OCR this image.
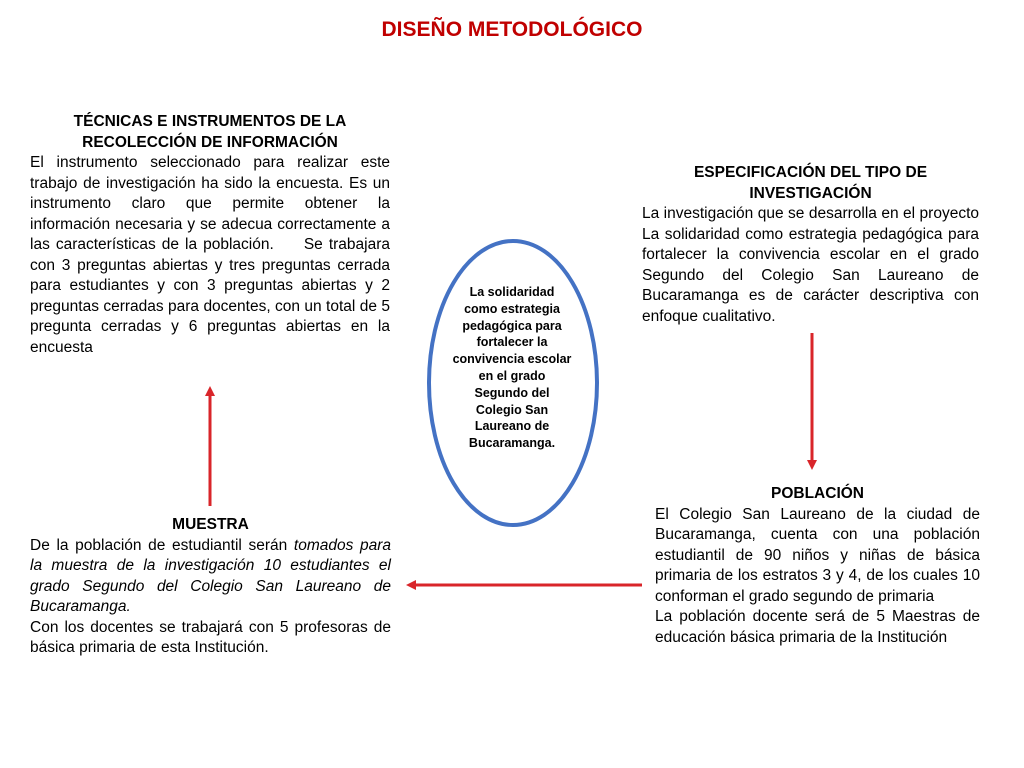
DISEÑO METODOLÓGICO
La solidaridad como estrategia pedagógica para fortalecer la convivencia escolar en el grado Segundo del Colegio San Laureano de Bucaramanga.
TÉCNICAS E INSTRUMENTOS DE LA RECOLECCIÓN DE INFORMACIÓN
El instrumento seleccionado para realizar este trabajo de investigación ha sido la encuesta. Es un instrumento claro que permite obtener la información necesaria y se adecua correctamente a las características de la población.     Se trabajara con 3 preguntas abiertas y tres preguntas cerrada para estudiantes y con 3 preguntas abiertas y 2 preguntas cerradas para docentes, con un total de 5 pregunta cerradas y 6 preguntas abiertas en la encuesta
ESPECIFICACIÓN DEL TIPO DE INVESTIGACIÓN
La investigación que se desarrolla en el proyecto La solidaridad como estrategia pedagógica para fortalecer la convivencia escolar en el grado Segundo del Colegio San Laureano de Bucaramanga es de carácter descriptiva con enfoque cualitativo.
POBLACIÓN
El Colegio San Laureano de la ciudad de Bucaramanga, cuenta con una población estudiantil de 90 niños y niñas de básica primaria de los estratos 3 y 4, de los cuales 10 conforman el grado segundo de primaria
La población docente será de 5 Maestras de educación básica primaria de la Institución
MUESTRA
De la población de estudiantil serán tomados para la muestra de la investigación 10 estudiantes el grado Segundo del Colegio San Laureano de Bucaramanga.
Con los docentes se trabajará con 5 profesoras de básica primaria de esta Institución.
